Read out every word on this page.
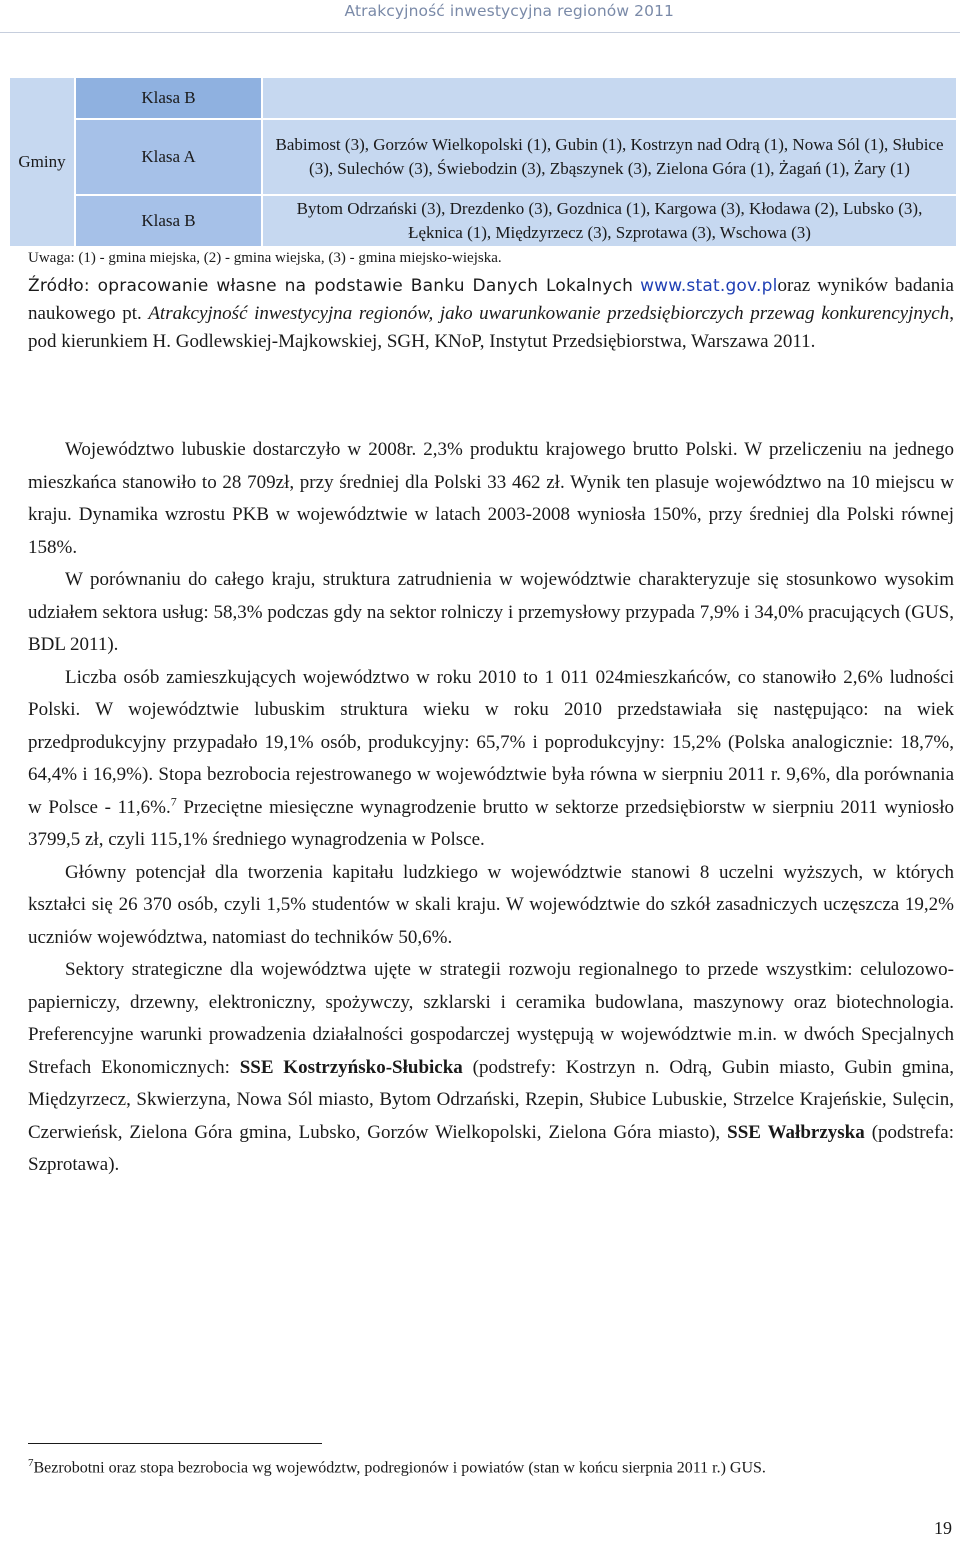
Atrakcyjność inwestycyjna regionów 2011
Gminy	Klasa B	
	Klasa A	Babimost (3), Gorzów Wielkopolski (1), Gubin (1), Kostrzyn nad Odrą (1), Nowa Sól (1), Słubice (3), Sulechów (3), Świebodzin (3), Zbąszynek (3), Zielona Góra (1), Żagań (1), Żary (1)
	Klasa B	Bytom Odrzański (3), Drezdenko (3), Gozdnica (1), Kargowa (3), Kłodawa (2), Lubsko (3), Łęknica (1), Międzyrzecz (3), Szprotawa (3), Wschowa (3)
Uwaga: (1) - gmina miejska, (2) - gmina wiejska, (3) - gmina miejsko-wiejska.
Źródło: opracowanie własne na podstawie Banku Danych Lokalnych www.stat.gov.ploraz wyników badania naukowego pt. Atrakcyjność inwestycyjna regionów, jako uwarunkowanie przedsiębiorczych przewag konkurencyjnych, pod kierunkiem H. Godlewskiej-Majkowskiej, SGH, KNoP, Instytut Przedsiębiorstwa, Warszawa 2011.

Województwo lubuskie dostarczyło w 2008r. 2,3% produktu krajowego brutto Polski. W przeliczeniu na jednego mieszkańca stanowiło to 28 709zł, przy średniej dla Polski 33 462 zł. Wynik ten plasuje województwo na 10 miejscu w kraju. Dynamika wzrostu PKB w województwie w latach 2003-2008 wyniosła 150%, przy średniej dla Polski równej 158%.

W porównaniu do całego kraju, struktura zatrudnienia w województwie charakteryzuje się stosunkowo wysokim udziałem sektora usług: 58,3% podczas gdy na sektor rolniczy i przemysłowy przypada 7,9% i 34,0% pracujących (GUS, BDL 2011).

Liczba osób zamieszkujących województwo w roku 2010 to 1 011 024mieszkańców, co stanowiło 2,6% ludności Polski. W województwie lubuskim struktura wieku w roku 2010 przedstawiała się następująco: na wiek przedprodukcyjny przypadało 19,1% osób, produkcyjny: 65,7% i poprodukcyjny: 15,2% (Polska analogicznie: 18,7%, 64,4% i 16,9%). Stopa bezrobocia rejestrowanego w województwie była równa w sierpniu 2011 r. 9,6%, dla porównania w Polsce - 11,6%.$^7$ Przeciętne miesięczne wynagrodzenie brutto w sektorze przedsiębiorstw w sierpniu 2011 wyniosło 3799,5 zł, czyli 115,1% średniego wynagrodzenia w Polsce.

Główny potencjał dla tworzenia kapitału ludzkiego w województwie stanowi 8 uczelni wyższych, w których kształci się 26 370 osób, czyli 1,5% studentów w skali kraju. W województwie do szkół zasadniczych uczęszcza 19,2% uczniów województwa, natomiast do techników 50,6%.

Sektory strategiczne dla województwa ujęte w strategii rozwoju regionalnego to przede wszystkim: celulozowo-papierniczy, drzewny, elektroniczny, spożywczy, szklarski i ceramika budowlana, maszynowy oraz biotechnologia. Preferencyjne warunki prowadzenia działalności gospodarczej występują w województwie m.in. w dwóch Specjalnych Strefach Ekonomicznych: SSE Kostrzyńsko-Słubicka (podstrefy: Kostrzyn n. Odrą, Gubin miasto, Gubin gmina, Międzyrzecz, Skwierzyna, Nowa Sól miasto, Bytom Odrzański, Rzepin, Słubice Lubuskie, Strzelce Krajeńskie, Sulęcin, Czerwieńsk, Zielona Góra gmina, Lubsko, Gorzów Wielkopolski, Zielona Góra miasto), SSE Wałbrzyska (podstrefa: Szprotawa).

$^7$Bezrobotni oraz stopa bezrobocia wg województw, podregionów i powiatów (stan w końcu sierpnia 2011 r.) GUS.
19
